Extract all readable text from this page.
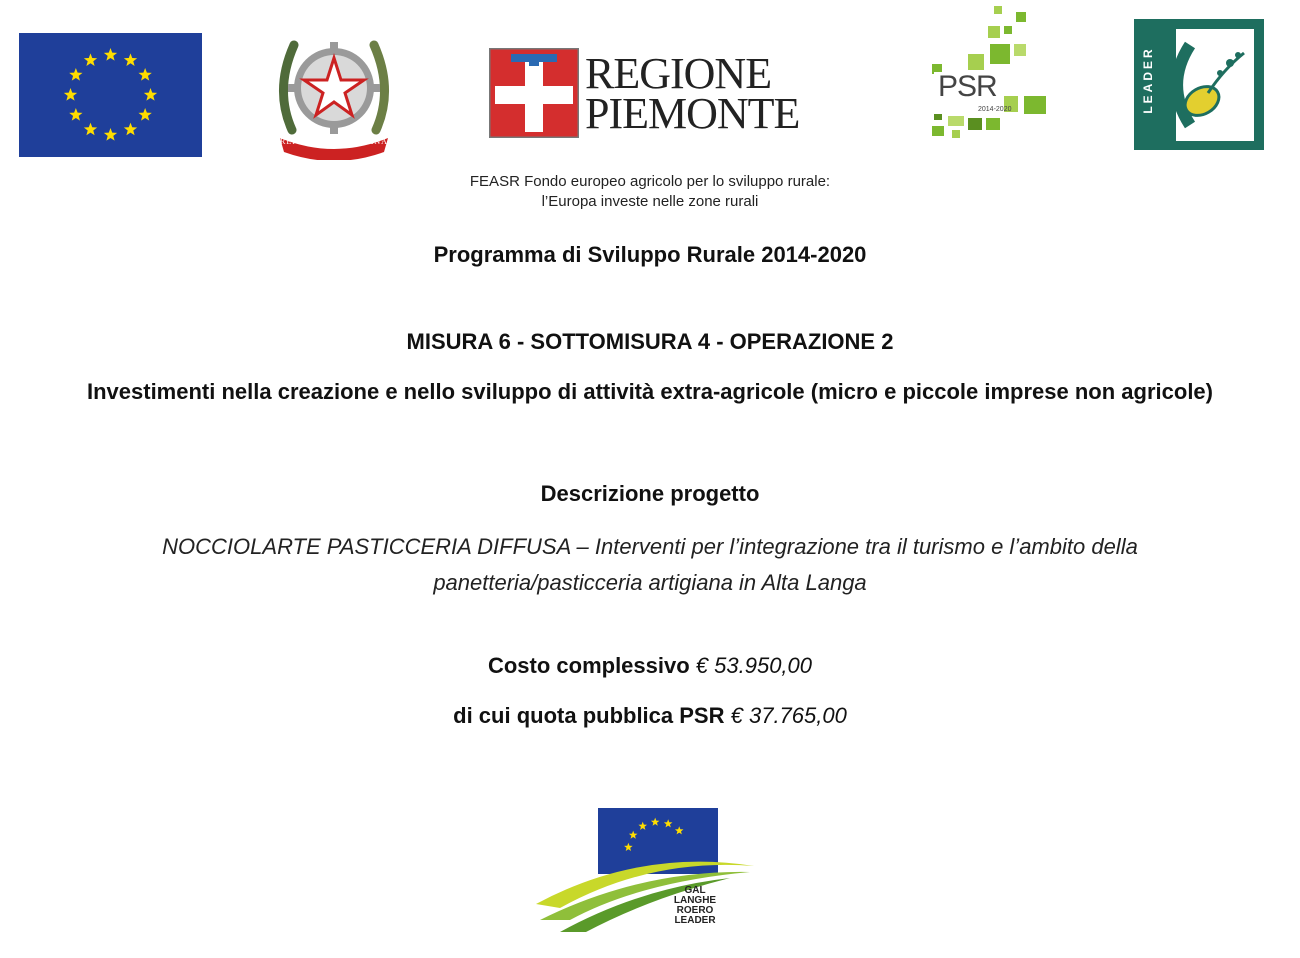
REPVBBLICA ITALIANA
REGIONE
PIEMONTE
PSR
2014-2020	LEADER
FEASR Fondo europeo agricolo per lo sviluppo rurale:
l’Europa investe nelle zone rurali
Programma di Sviluppo Rurale 2014-2020
MISURA 6 - SOTTOMISURA 4 - OPERAZIONE 2
Investimenti nella creazione e nello sviluppo di attività extra-agricole (micro e piccole imprese non agricole)
Descrizione progetto
NOCCIOLARTE PASTICCERIA DIFFUSA – Interventi per l’integrazione tra il turismo e l’ambito della panetteria/pasticceria artigiana in Alta Langa
Costo complessivo € 53.950,00
di cui quota pubblica PSR € 37.765,00
GAL
LANGHE
ROERO
LEADER
